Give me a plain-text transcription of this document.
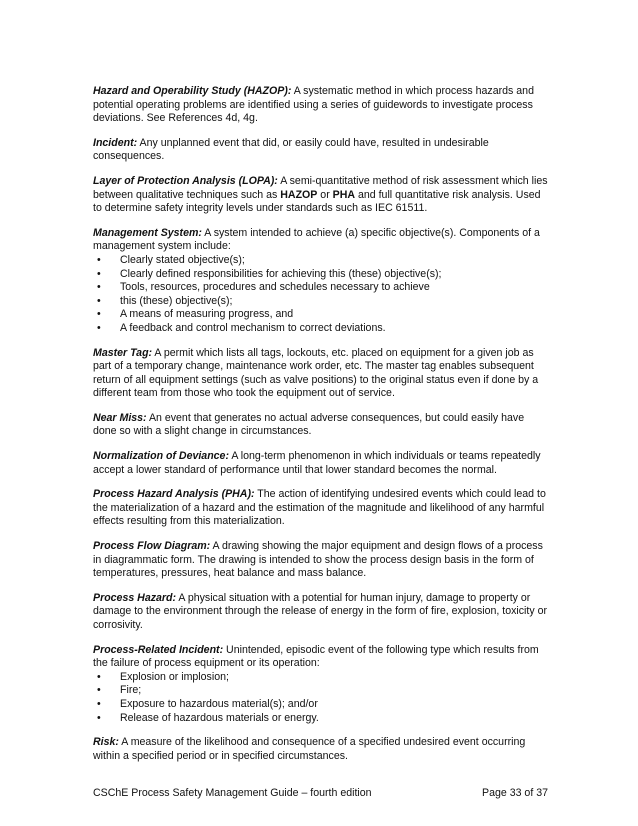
Hazard and Operability Study (HAZOP): A systematic method in which process hazards and potential operating problems are identified using a series of guidewords to investigate process deviations. See References 4d, 4g.

Incident: Any unplanned event that did, or easily could have, resulted in undesirable consequences.

Layer of Protection Analysis (LOPA): A semi-quantitative method of risk assessment which lies between qualitative techniques such as HAZOP or PHA and full quantitative risk analysis. Used to determine safety integrity levels under standards such as IEC 61511.

Management System: A system intended to achieve (a) specific objective(s). Components of a management system include:
• Clearly stated objective(s);
• Clearly defined responsibilities for achieving this (these) objective(s);
• Tools, resources, procedures and schedules necessary to achieve
• this (these) objective(s);
• A means of measuring progress, and
• A feedback and control mechanism to correct deviations.

Master Tag: A permit which lists all tags, lockouts, etc. placed on equipment for a given job as part of a temporary change, maintenance work order, etc. The master tag enables subsequent return of all equipment settings (such as valve positions) to the original status even if done by a different team from those who took the equipment out of service.

Near Miss: An event that generates no actual adverse consequences, but could easily have done so with a slight change in circumstances.

Normalization of Deviance: A long-term phenomenon in which individuals or teams repeatedly accept a lower standard of performance until that lower standard becomes the normal.

Process Hazard Analysis (PHA): The action of identifying undesired events which could lead to the materialization of a hazard and the estimation of the magnitude and likelihood of any harmful effects resulting from this materialization.

Process Flow Diagram: A drawing showing the major equipment and design flows of a process in diagrammatic form. The drawing is intended to show the process design basis in the form of temperatures, pressures, heat balance and mass balance.

Process Hazard: A physical situation with a potential for human injury, damage to property or damage to the environment through the release of energy in the form of fire, explosion, toxicity or corrosivity.

Process-Related Incident: Unintended, episodic event of the following type which results from the failure of process equipment or its operation:
• Explosion or implosion;
• Fire;
• Exposure to hazardous material(s); and/or
• Release of hazardous materials or energy.

Risk: A measure of the likelihood and consequence of a specified undesired event occurring within a specified period or in specified circumstances.

CSChE Process Safety Management Guide – fourth edition	Page 33 of 37
